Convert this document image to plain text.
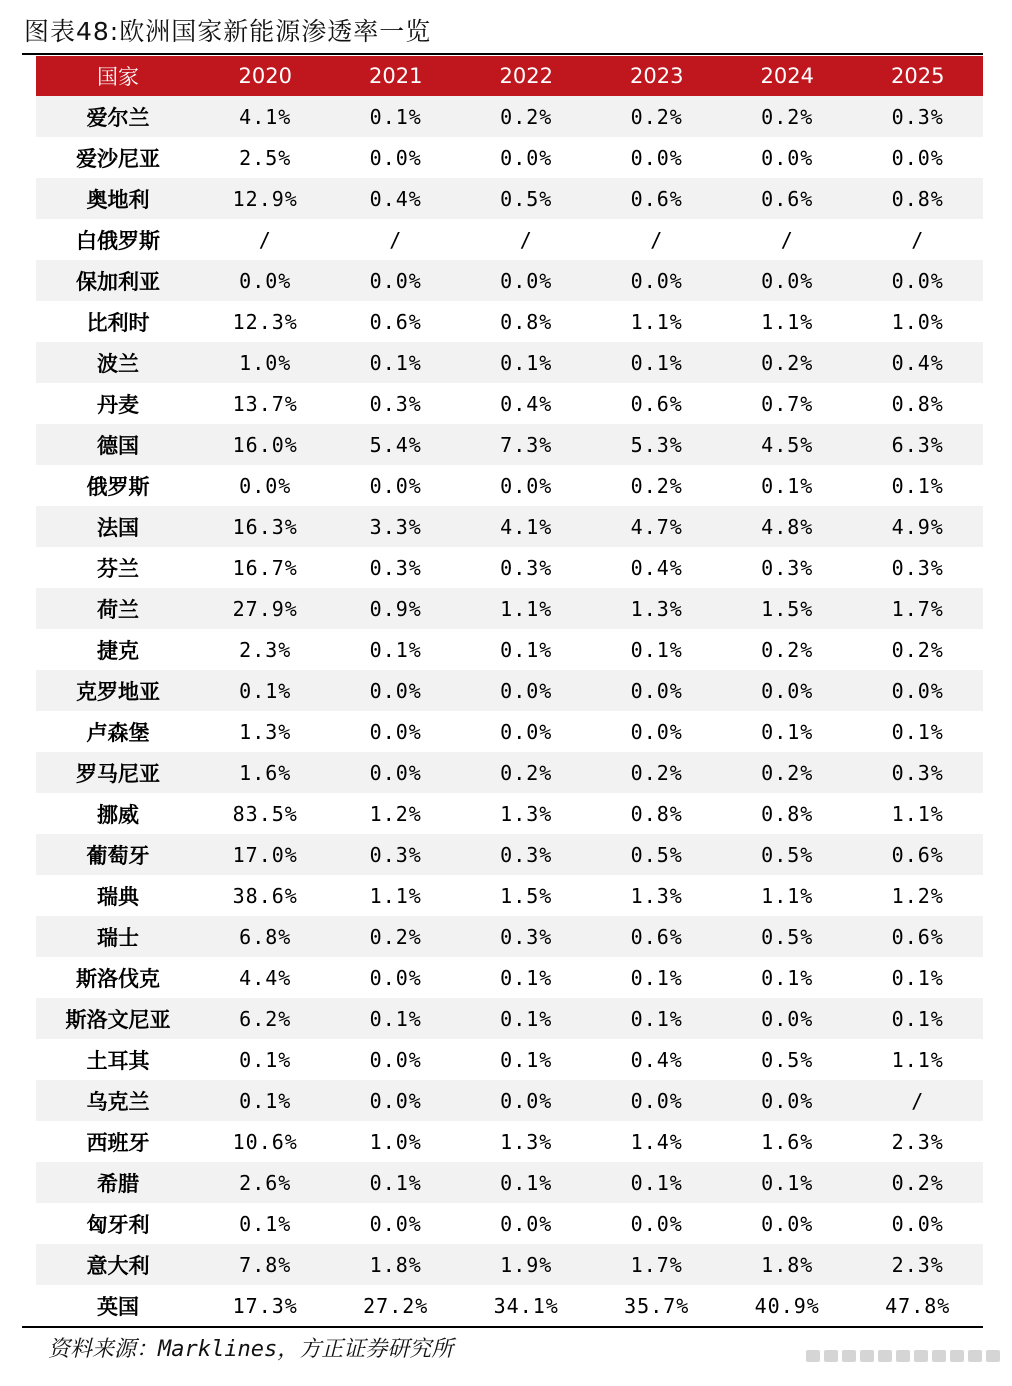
图表48:欧洲国家新能源渗透率一览
国家	2020	2021	2022	2023	2024	2025
爱尔兰	4.1%	0.1%	0.2%	0.2%	0.2%	0.3%
爱沙尼亚	2.5%	0.0%	0.0%	0.0%	0.0%	0.0%
奥地利	12.9%	0.4%	0.5%	0.6%	0.6%	0.8%
白俄罗斯	/	/	/	/	/	/
保加利亚	0.0%	0.0%	0.0%	0.0%	0.0%	0.0%
比利时	12.3%	0.6%	0.8%	1.1%	1.1%	1.0%
波兰	1.0%	0.1%	0.1%	0.1%	0.2%	0.4%
丹麦	13.7%	0.3%	0.4%	0.6%	0.7%	0.8%
德国	16.0%	5.4%	7.3%	5.3%	4.5%	6.3%
俄罗斯	0.0%	0.0%	0.0%	0.2%	0.1%	0.1%
法国	16.3%	3.3%	4.1%	4.7%	4.8%	4.9%
芬兰	16.7%	0.3%	0.3%	0.4%	0.3%	0.3%
荷兰	27.9%	0.9%	1.1%	1.3%	1.5%	1.7%
捷克	2.3%	0.1%	0.1%	0.1%	0.2%	0.2%
克罗地亚	0.1%	0.0%	0.0%	0.0%	0.0%	0.0%
卢森堡	1.3%	0.0%	0.0%	0.0%	0.1%	0.1%
罗马尼亚	1.6%	0.0%	0.2%	0.2%	0.2%	0.3%
挪威	83.5%	1.2%	1.3%	0.8%	0.8%	1.1%
葡萄牙	17.0%	0.3%	0.3%	0.5%	0.5%	0.6%
瑞典	38.6%	1.1%	1.5%	1.3%	1.1%	1.2%
瑞士	6.8%	0.2%	0.3%	0.6%	0.5%	0.6%
斯洛伐克	4.4%	0.0%	0.1%	0.1%	0.1%	0.1%
斯洛文尼亚	6.2%	0.1%	0.1%	0.1%	0.0%	0.1%
土耳其	0.1%	0.0%	0.1%	0.4%	0.5%	1.1%
乌克兰	0.1%	0.0%	0.0%	0.0%	0.0%	/
西班牙	10.6%	1.0%	1.3%	1.4%	1.6%	2.3%
希腊	2.6%	0.1%	0.1%	0.1%	0.1%	0.2%
匈牙利	0.1%	0.0%	0.0%	0.0%	0.0%	0.0%
意大利	7.8%	1.8%	1.9%	1.7%	1.8%	2.3%
英国	17.3%	27.2%	34.1%	35.7%	40.9%	47.8%
资料来源：Marklines，方正证券研究所
